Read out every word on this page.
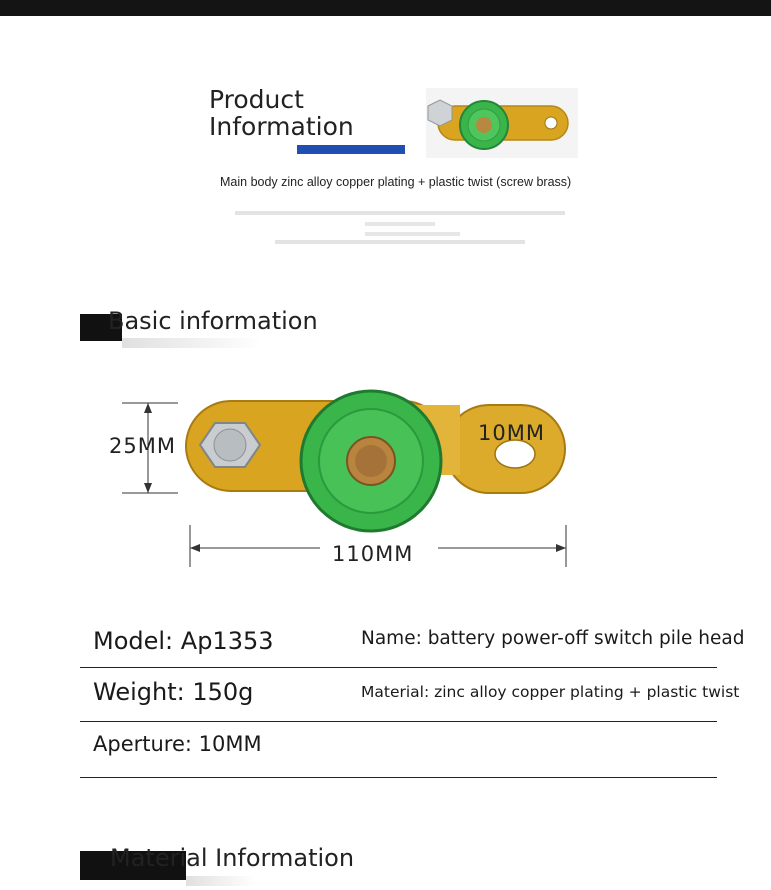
Product
Information
Main body zinc alloy copper plating + plastic twist (screw brass)
Basic information
25MM
10MM
110MM
Model: Ap1353	Name: battery power-off switch pile head
Weight: 150g	Material: zinc alloy copper plating + plastic twist
Aperture: 10MM
Material Information
